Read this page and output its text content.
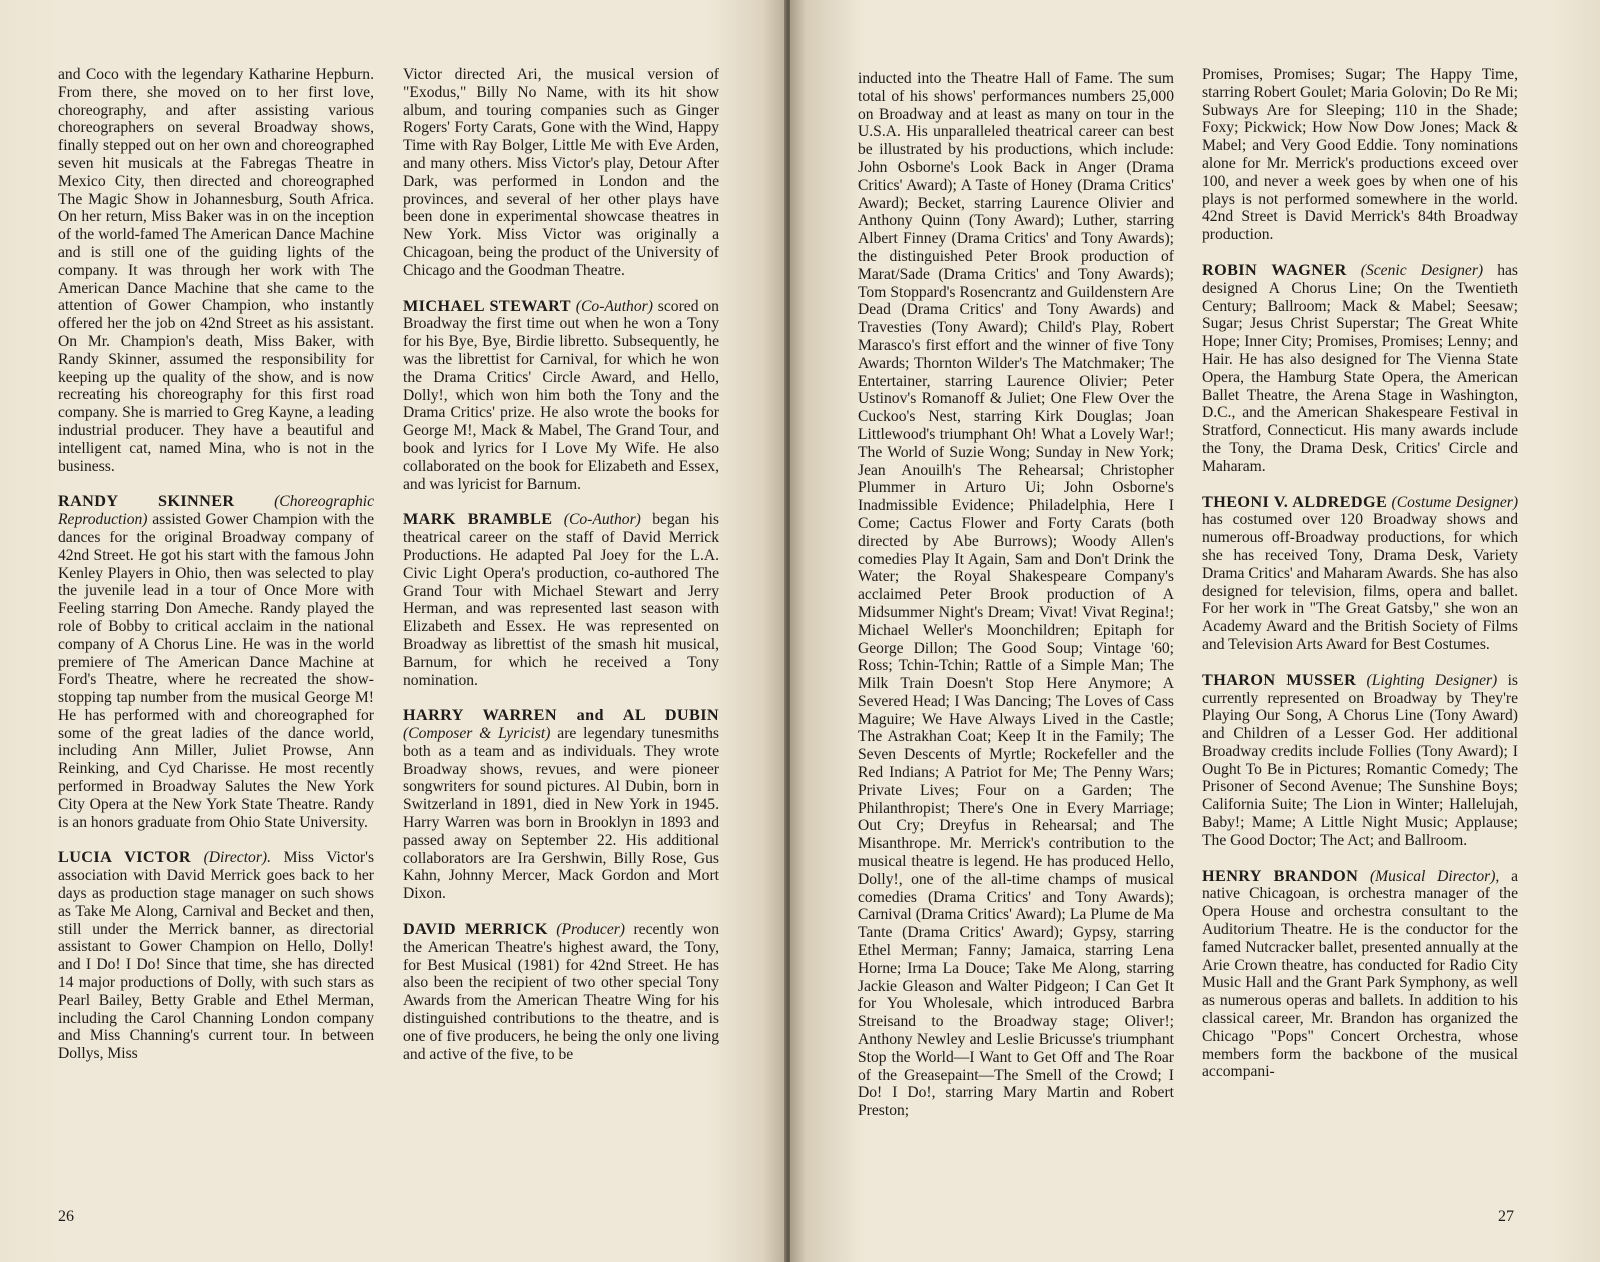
and Coco with the legendary Katharine Hepburn. From there, she moved on to her first love, choreography, and after assisting various choreographers on several Broadway shows, finally stepped out on her own and choreographed seven hit musicals at the Fabregas Theatre in Mexico City, then directed and choreographed The Magic Show in Johannesburg, South Africa. On her return, Miss Baker was in on the inception of the world-famed The American Dance Machine and is still one of the guiding lights of the company. It was through her work with The American Dance Machine that she came to the attention of Gower Champion, who instantly offered her the job on 42nd Street as his assistant. On Mr. Champion's death, Miss Baker, with Randy Skinner, assumed the responsibility for keeping up the quality of the show, and is now recreating his choreography for this first road company. She is married to Greg Kayne, a leading industrial producer. They have a beautiful and intelligent cat, named Mina, who is not in the business.

RANDY SKINNER	(Choreographic Reproduction) assisted Gower Champion with the dances for the original Broadway company of 42nd Street. He got his start with the famous John Kenley Players in Ohio, then was selected to play the juvenile lead in a tour of Once More with Feeling starring Don Ameche. Randy played the role of Bobby to critical acclaim in the national company of A Chorus Line. He was in the world premiere of The American Dance Machine at Ford's Theatre, where he recreated the show-stopping tap number from the musical George M! He has performed with and choreographed for some of the great ladies of the dance world, including Ann Miller, Juliet Prowse, Ann Reinking, and Cyd Charisse. He most recently performed in Broadway Salutes the New York City Opera at the New York State Theatre. Randy is an honors graduate from Ohio State University.

LUCIA VICTOR (Director). Miss Victor's association with David Merrick goes back to her days as production stage manager on such shows as Take Me Along, Carnival and Becket and then, still under the Merrick banner, as directorial assistant to Gower Champion on Hello, Dolly! and I Do! I Do! Since that time, she has directed 14 major productions of Dolly, with such stars as Pearl Bailey, Betty Grable and Ethel Merman, including the Carol Channing London company and Miss Channing's current tour. In between Dollys, Miss

Victor directed Ari, the musical version of "Exodus," Billy No Name, with its hit show album, and touring companies such as Ginger Rogers' Forty Carats, Gone with the Wind, Happy Time with Ray Bolger, Little Me with Eve Arden, and many others. Miss Victor's play, Detour After Dark, was performed in London and the provinces, and several of her other plays have been done in experimental showcase theatres in New York. Miss Victor was originally a Chicagoan, being the product of the University of Chicago and the Goodman Theatre.

MICHAEL STEWART (Co-Author) scored on Broadway the first time out when he won a Tony for his Bye, Bye, Birdie libretto. Subsequently, he was the librettist for Carnival, for which he won the Drama Critics' Circle Award, and Hello, Dolly!, which won him both the Tony and the Drama Critics' prize. He also wrote the books for George M!, Mack & Mabel, The Grand Tour, and book and lyrics for I Love My Wife. He also collaborated on the book for Elizabeth and Essex, and was lyricist for Barnum.

MARK BRAMBLE (Co-Author) began his theatrical career on the staff of David Merrick Productions. He adapted Pal Joey for the L.A. Civic Light Opera's production, co-authored The Grand Tour with Michael Stewart and Jerry Herman, and was represented last season with Elizabeth and Essex. He was represented on Broadway as librettist of the smash hit musical, Barnum, for which he received a Tony nomination.

HARRY WARREN and AL DUBIN (Composer & Lyricist) are legendary tunesmiths both as a team and as individuals. They wrote Broadway shows, revues, and were pioneer songwriters for sound pictures. Al Dubin, born in Switzerland in 1891, died in New York in 1945. Harry Warren was born in Brooklyn in 1893 and passed away on September 22. His additional collaborators are Ira Gershwin, Billy Rose, Gus Kahn, Johnny Mercer, Mack Gordon and Mort Dixon.

DAVID MERRICK (Producer) recently won the American Theatre's highest award, the Tony, for Best Musical (1981) for 42nd Street. He has also been the recipient of two other special Tony Awards from the American Theatre Wing for his distinguished contributions to the theatre, and is one of five producers, he being the only one living and active of the five, to be

26

inducted into the Theatre Hall of Fame. The sum total of his shows' performances numbers 25,000 on Broadway and at least as many on tour in the U.S.A. His unparalleled theatrical career can best be illustrated by his productions, which include: John Osborne's Look Back in Anger (Drama Critics' Award); A Taste of Honey (Drama Critics' Award); Becket, starring Laurence Olivier and Anthony Quinn (Tony Award); Luther, starring Albert Finney (Drama Critics' and Tony Awards); the distinguished Peter Brook production of Marat/Sade (Drama Critics' and Tony Awards); Tom Stoppard's Rosencrantz and Guildenstern Are Dead (Drama Critics' and Tony Awards) and Travesties (Tony Award); Child's Play, Robert Marasco's first effort and the winner of five Tony Awards; Thornton Wilder's The Matchmaker; The Entertainer, starring Laurence Olivier; Peter Ustinov's Romanoff & Juliet; One Flew Over the Cuckoo's Nest, starring Kirk Douglas; Joan Littlewood's triumphant Oh! What a Lovely War!; The World of Suzie Wong; Sunday in New York; Jean Anouilh's The Rehearsal; Christopher Plummer in Arturo Ui; John Osborne's Inadmissible Evidence; Philadelphia, Here I Come; Cactus Flower and Forty Carats (both directed by Abe Burrows); Woody Allen's comedies Play It Again, Sam and Don't Drink the Water; the Royal Shakespeare Company's acclaimed Peter Brook production of A Midsummer Night's Dream; Vivat! Vivat Regina!; Michael Weller's Moonchildren; Epitaph for George Dillon; The Good Soup; Vintage '60; Ross; Tchin-Tchin; Rattle of a Simple Man; The Milk Train Doesn't Stop Here Anymore; A Severed Head; I Was Dancing; The Loves of Cass Maguire; We Have Always Lived in the Castle; The Astrakhan Coat; Keep It in the Family; The Seven Descents of Myrtle; Rockefeller and the Red Indians; A Patriot for Me; The Penny Wars; Private Lives; Four on a Garden; The Philanthropist; There's One in Every Marriage; Out Cry; Dreyfus in Rehearsal; and The Misanthrope. Mr. Merrick's contribution to the musical theatre is legend. He has produced Hello, Dolly!, one of the all-time champs of musical comedies (Drama Critics' and Tony Awards); Carnival (Drama Critics' Award); La Plume de Ma Tante (Drama Critics' Award); Gypsy, starring Ethel Merman; Fanny; Jamaica, starring Lena Horne; Irma La Douce; Take Me Along, starring Jackie Gleason and Walter Pidgeon; I Can Get It for You Wholesale, which introduced Barbra Streisand to the Broadway stage; Oliver!; Anthony Newley and Leslie Bricusse's triumphant Stop the World—I Want to Get Off and The Roar of the Greasepaint—The Smell of the Crowd; I Do! I Do!, starring Mary Martin and Robert Preston;

Promises, Promises; Sugar; The Happy Time, starring Robert Goulet; Maria Golovin; Do Re Mi; Subways Are for Sleeping; 110 in the Shade; Foxy; Pickwick; How Now Dow Jones; Mack & Mabel; and Very Good Eddie. Tony nominations alone for Mr. Merrick's productions exceed over 100, and never a week goes by when one of his plays is not performed somewhere in the world. 42nd Street is David Merrick's 84th Broadway production.

ROBIN WAGNER (Scenic Designer) has designed A Chorus Line; On the Twentieth Century; Ballroom; Mack & Mabel; Seesaw; Sugar; Jesus Christ Superstar; The Great White Hope; Inner City; Promises, Promises; Lenny; and Hair. He has also designed for The Vienna State Opera, the Hamburg State Opera, the American Ballet Theatre, the Arena Stage in Washington, D.C., and the American Shakespeare Festival in Stratford, Connecticut. His many awards include the Tony, the Drama Desk, Critics' Circle and Maharam.

THEONI V. ALDREDGE (Costume Designer) has costumed over 120 Broadway shows and numerous off-Broadway productions, for which she has received Tony, Drama Desk, Variety Drama Critics' and Maharam Awards. She has also designed for television, films, opera and ballet. For her work in "The Great Gatsby," she won an Academy Award and the British Society of Films and Television Arts Award for Best Costumes.

THARON MUSSER (Lighting Designer) is currently represented on Broadway by They're Playing Our Song, A Chorus Line (Tony Award) and Children of a Lesser God. Her additional Broadway credits include Follies (Tony Award); I Ought To Be in Pictures; Romantic Comedy; The Prisoner of Second Avenue; The Sunshine Boys; California Suite; The Lion in Winter; Hallelujah, Baby!; Mame; A Little Night Music; Applause; The Good Doctor; The Act; and Ballroom.

HENRY BRANDON (Musical Director), a native Chicagoan, is orchestra manager of the Opera House and orchestra consultant to the Auditorium Theatre. He is the conductor for the famed Nutcracker ballet, presented annually at the Arie Crown theatre, has conducted for Radio City Music Hall and the Grant Park Symphony, as well as numerous operas and ballets. In addition to his classical career, Mr. Brandon has organized the Chicago "Pops" Concert Orchestra, whose members form the backbone of the musical accompani-

27
